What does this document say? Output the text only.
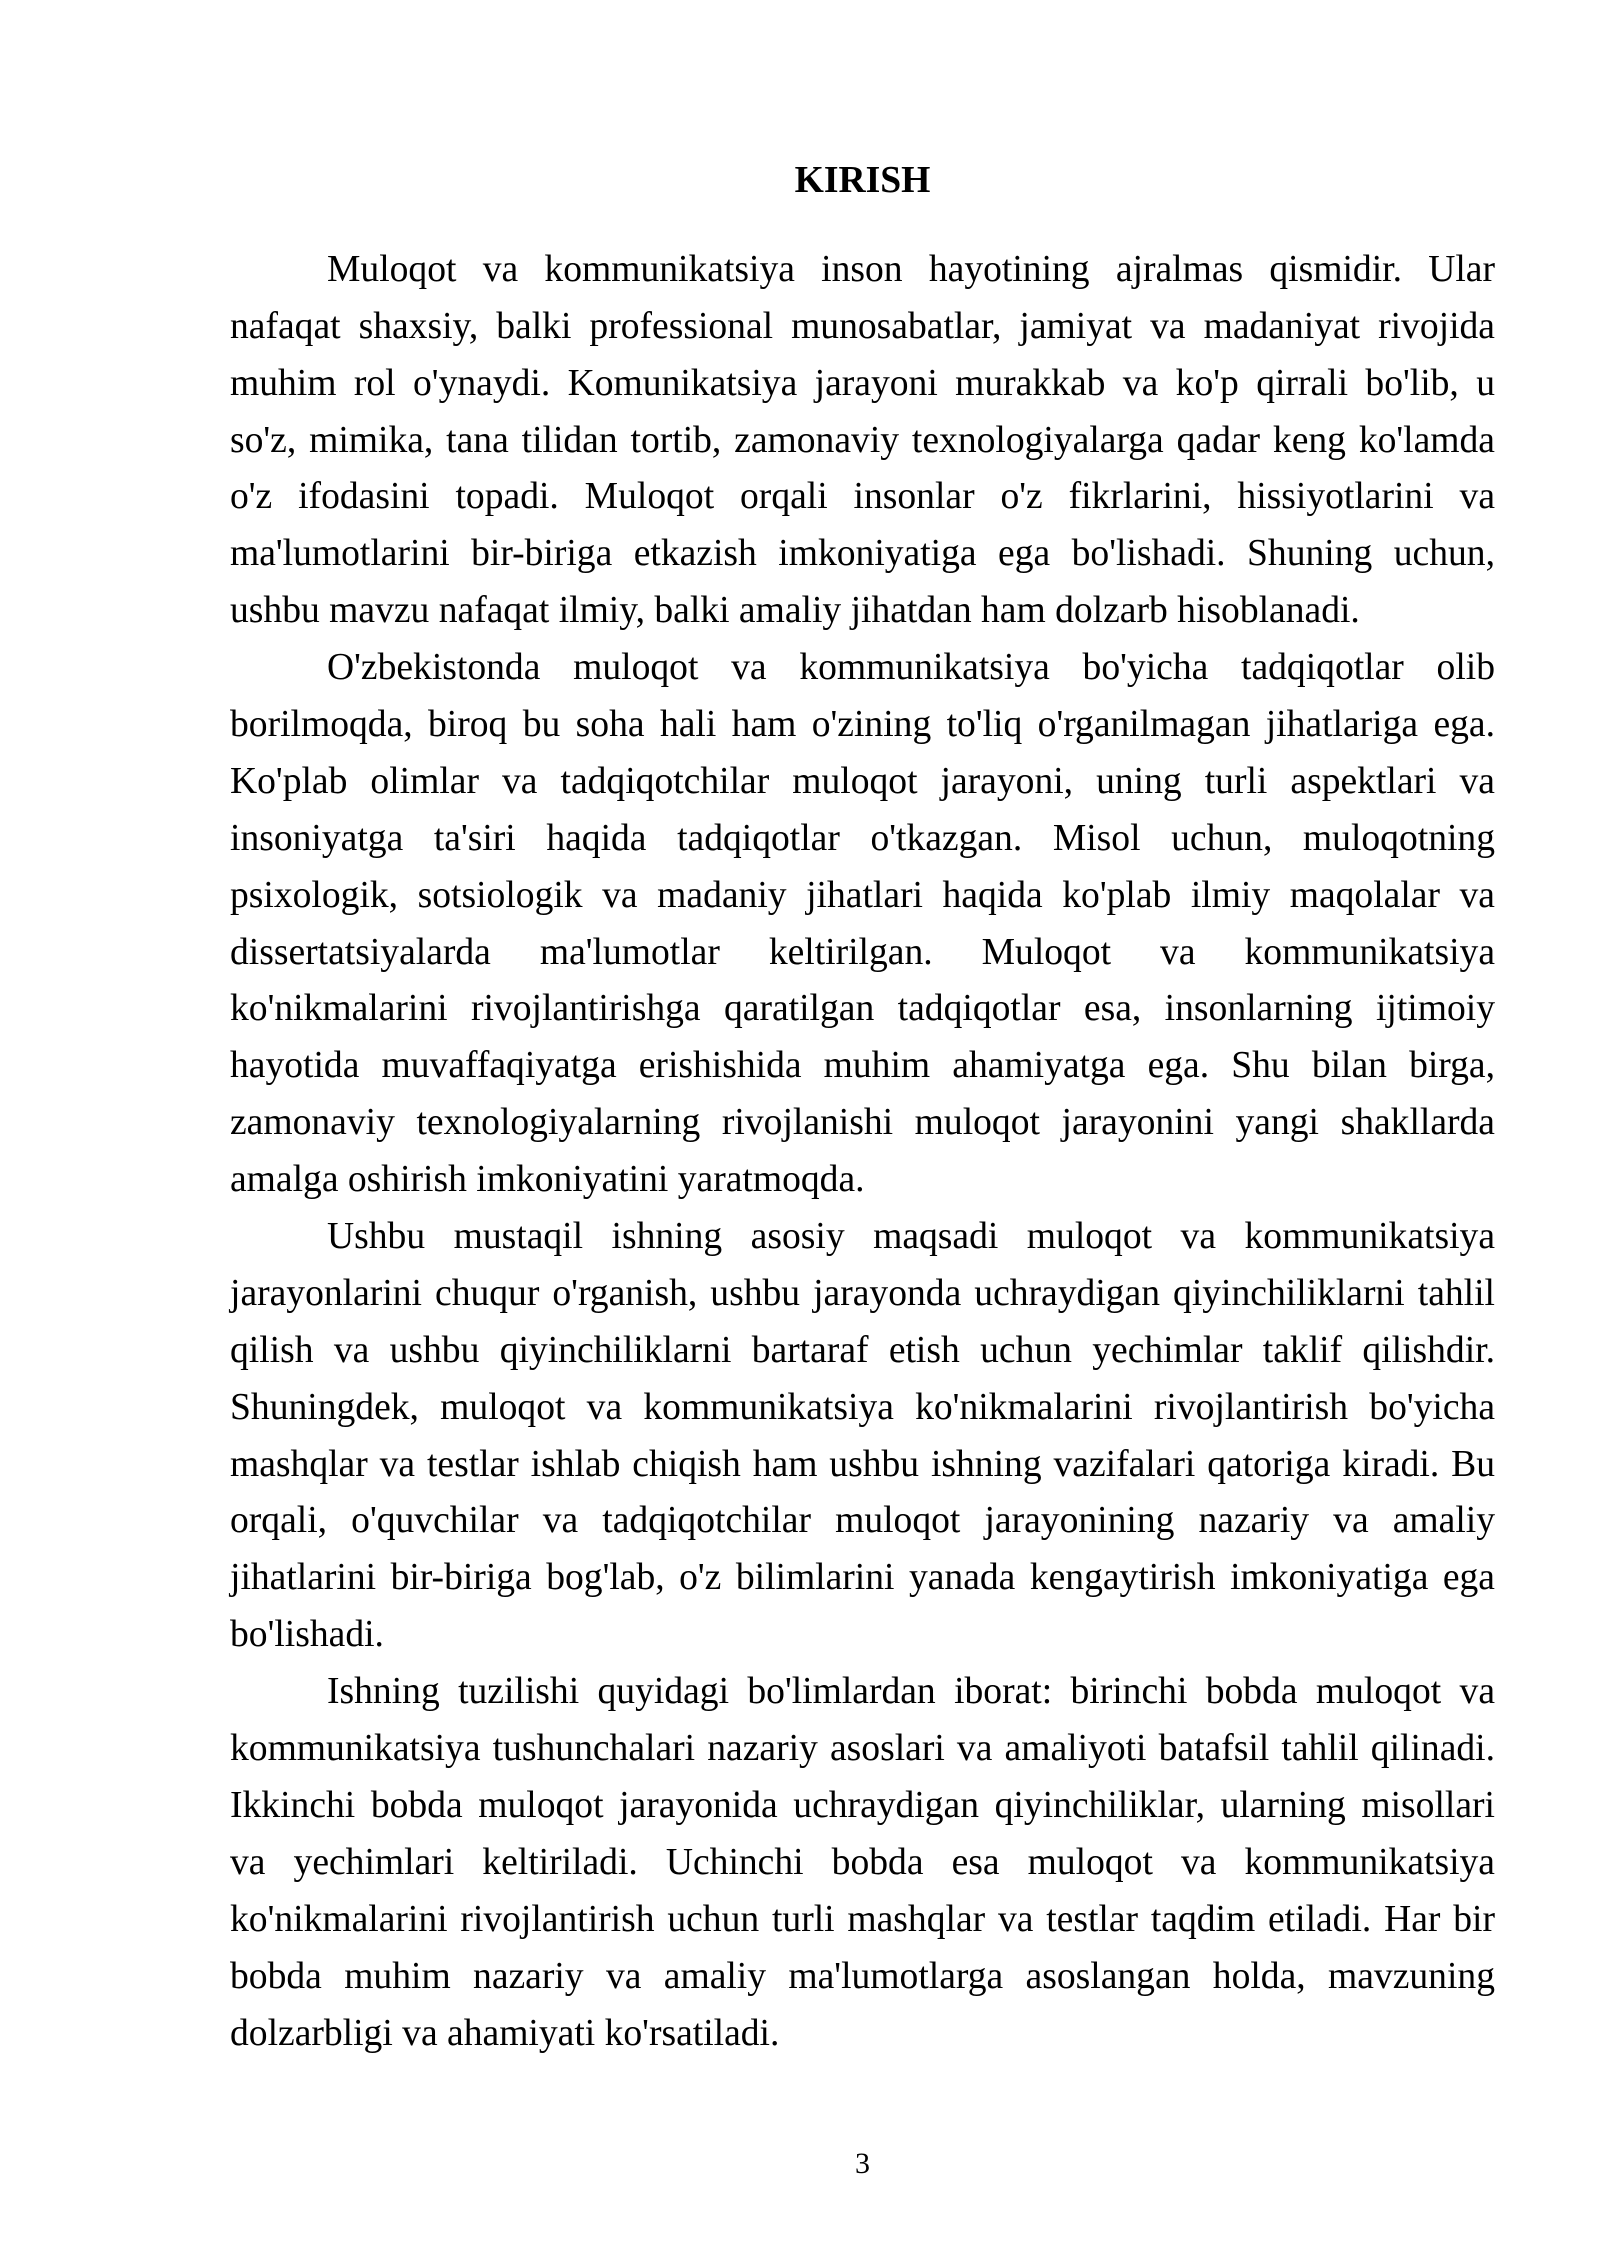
KIRISH
Muloqot va kommunikatsiya inson hayotining ajralmas qismidir. Ular
nafaqat shaxsiy, balki professional munosabatlar, jamiyat va madaniyat rivojida
muhim rol o'ynaydi. Komunikatsiya jarayoni murakkab va ko'p qirrali bo'lib, u
so'z, mimika, tana tilidan tortib, zamonaviy texnologiyalarga qadar keng ko'lamda
o'z ifodasini topadi. Muloqot orqali insonlar o'z fikrlarini, hissiyotlarini va
ma'lumotlarini bir-biriga etkazish imkoniyatiga ega bo'lishadi. Shuning uchun,
ushbu mavzu nafaqat ilmiy, balki amaliy jihatdan ham dolzarb hisoblanadi.
O'zbekistonda muloqot va kommunikatsiya bo'yicha tadqiqotlar olib
borilmoqda, biroq bu soha hali ham o'zining to'liq o'rganilmagan jihatlariga ega.
Ko'plab olimlar va tadqiqotchilar muloqot jarayoni, uning turli aspektlari va
insoniyatga ta'siri haqida tadqiqotlar o'tkazgan. Misol uchun, muloqotning
psixologik, sotsiologik va madaniy jihatlari haqida ko'plab ilmiy maqolalar va
dissertatsiyalarda ma'lumotlar keltirilgan. Muloqot va kommunikatsiya
ko'nikmalarini rivojlantirishga qaratilgan tadqiqotlar esa, insonlarning ijtimoiy
hayotida muvaffaqiyatga erishishida muhim ahamiyatga ega. Shu bilan birga,
zamonaviy texnologiyalarning rivojlanishi muloqot jarayonini yangi shakllarda
amalga oshirish imkoniyatini yaratmoqda.
Ushbu mustaqil ishning asosiy maqsadi muloqot va kommunikatsiya
jarayonlarini chuqur o'rganish, ushbu jarayonda uchraydigan qiyinchiliklarni tahlil
qilish va ushbu qiyinchiliklarni bartaraf etish uchun yechimlar taklif qilishdir.
Shuningdek, muloqot va kommunikatsiya ko'nikmalarini rivojlantirish bo'yicha
mashqlar va testlar ishlab chiqish ham ushbu ishning vazifalari qatoriga kiradi. Bu
orqali, o'quvchilar va tadqiqotchilar muloqot jarayonining nazariy va amaliy
jihatlarini bir-biriga bog'lab, o'z bilimlarini yanada kengaytirish imkoniyatiga ega
bo'lishadi.
Ishning tuzilishi quyidagi bo'limlardan iborat: birinchi bobda muloqot va
kommunikatsiya tushunchalari nazariy asoslari va amaliyoti batafsil tahlil qilinadi.
Ikkinchi bobda muloqot jarayonida uchraydigan qiyinchiliklar, ularning misollari
va yechimlari keltiriladi. Uchinchi bobda esa muloqot va kommunikatsiya
ko'nikmalarini rivojlantirish uchun turli mashqlar va testlar taqdim etiladi. Har bir
bobda muhim nazariy va amaliy ma'lumotlarga asoslangan holda, mavzuning
dolzarbligi va ahamiyati ko'rsatiladi.
3
